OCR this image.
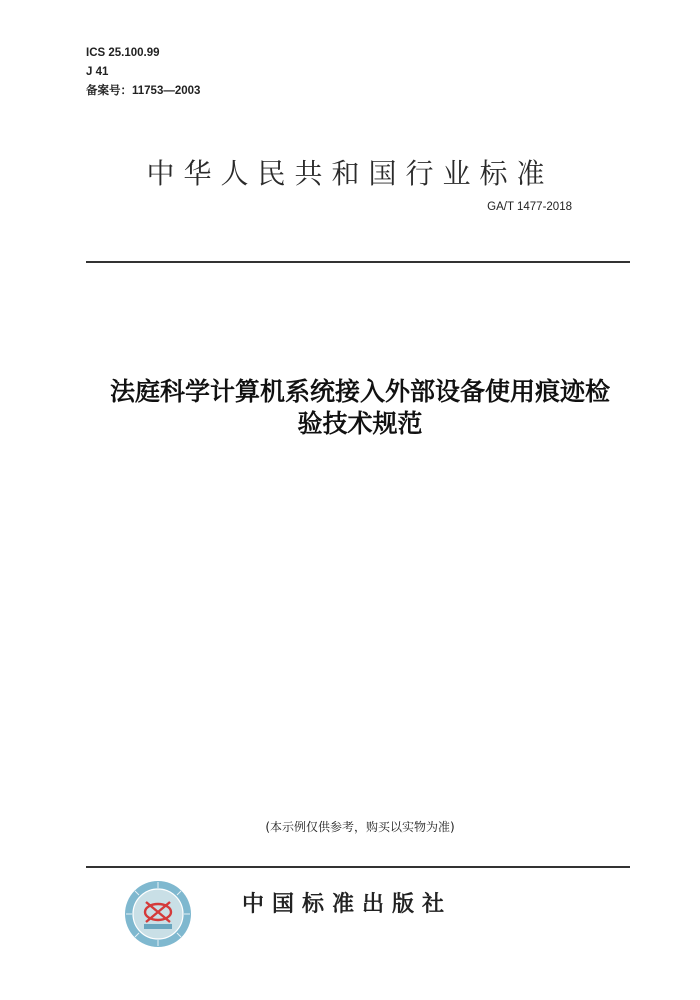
ICS 25.100.99
J 41
备案号：11753—2003
中华人民共和国行业标准
GA/T 1477-2018
法庭科学计算机系统接入外部设备使用痕迹检
验技术规范
(本示例仅供参考，购买以实物为准)
中国标准出版社
